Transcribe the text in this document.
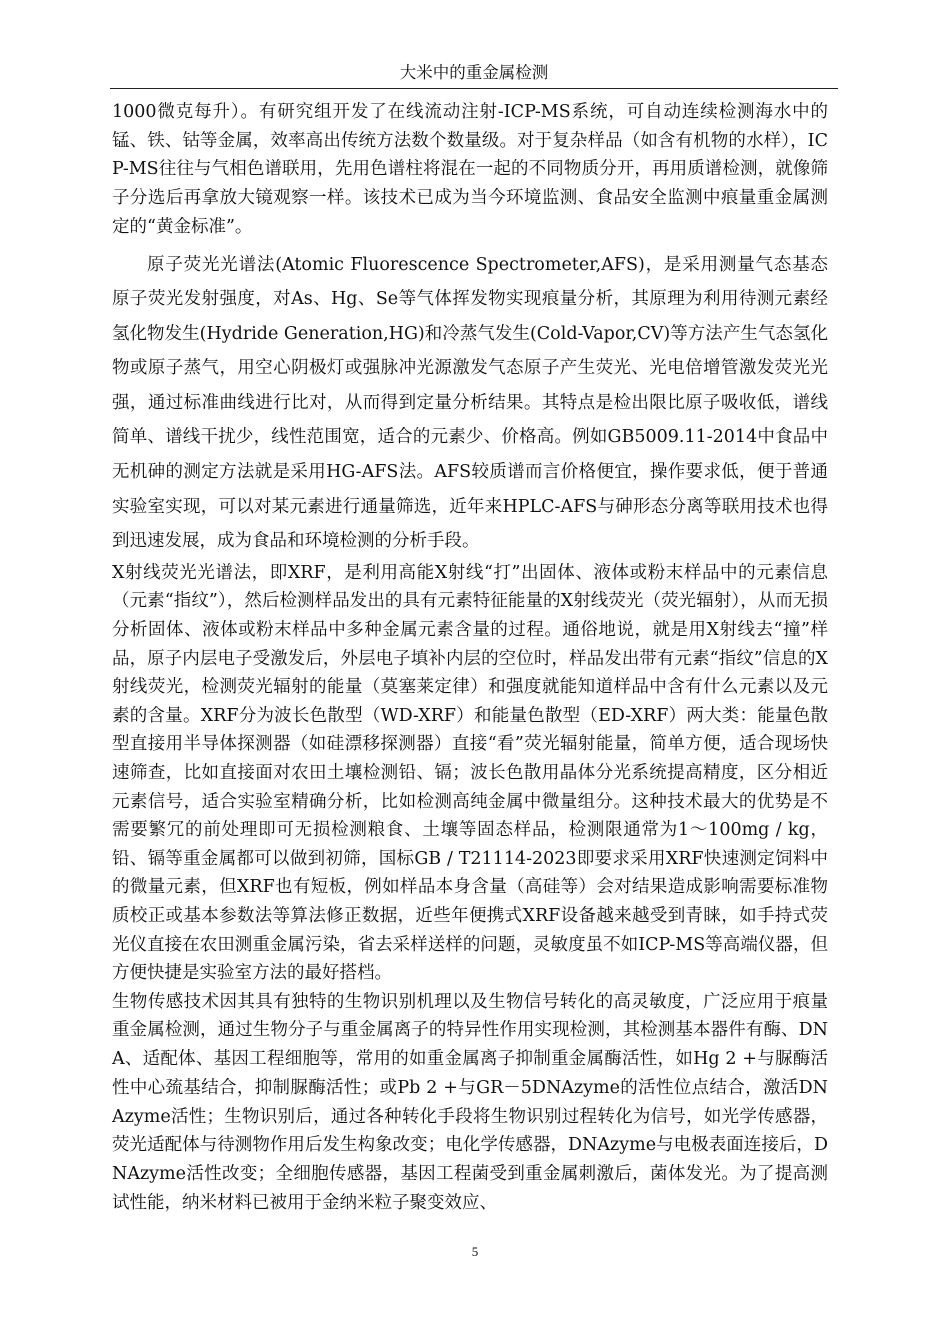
大米中的重金属检测

1000微克每升）。有研究组开发了在线流动注射-ICP-MS系统，可自动连续检测海水中的锰、铁、钴等金属，效率高出传统方法数个数量级。对于复杂样品（如含有机物的水样），ICP-MS往往与气相色谱联用，先用色谱柱将混在一起的不同物质分开，再用质谱检测，就像筛子分选后再拿放大镜观察一样。该技术已成为当今环境监测、食品安全监测中痕量重金属测定的“黄金标准”。

原子荧光光谱法(Atomic Fluorescence Spectrometer,AFS)，是采用测量气态基态原子荧光发射强度，对As、Hg、Se等气体挥发物实现痕量分析，其原理为利用待测元素经氢化物发生(Hydride Generation,HG)和冷蒸气发生(Cold-Vapor,CV)等方法产生气态氢化物或原子蒸气，用空心阴极灯或强脉冲光源激发气态原子产生荧光、光电倍增管激发荧光光强，通过标准曲线进行比对，从而得到定量分析结果。其特点是检出限比原子吸收低，谱线简单、谱线干扰少，线性范围宽，适合的元素少、价格高。例如GB5009.11-2014中食品中无机砷的测定方法就是采用HG-AFS法。AFS较质谱而言价格便宜，操作要求低，便于普通实验室实现，可以对某元素进行通量筛选，近年来HPLC-AFS与砷形态分离等联用技术也得到迅速发展，成为食品和环境检测的分析手段。

X射线荧光光谱法，即XRF，是利用高能X射线“打”出固体、液体或粉末样品中的元素信息（元素“指纹”），然后检测样品发出的具有元素特征能量的X射线荧光（荧光辐射），从而无损分析固体、液体或粉末样品中多种金属元素含量的过程。通俗地说，就是用X射线去“撞”样品，原子内层电子受激发后，外层电子填补内层的空位时，样品发出带有元素“指纹”信息的X射线荧光，检测荧光辐射的能量（莫塞莱定律）和强度就能知道样品中含有什么元素以及元素的含量。XRF分为波长色散型（WD-XRF）和能量色散型（ED-XRF）两大类：能量色散型直接用半导体探测器（如硅漂移探测器）直接“看”荧光辐射能量，简单方便，适合现场快速筛查，比如直接面对农田土壤检测铅、镉；波长色散用晶体分光系统提高精度，区分相近元素信号，适合实验室精确分析，比如检测高纯金属中微量组分。这种技术最大的优势是不需要繁冗的前处理即可无损检测粮食、土壤等固态样品，检测限通常为1～100mg / kg，铅、镉等重金属都可以做到初筛，国标GB / T21114-2023即要求采用XRF快速测定饲料中的微量元素，但XRF也有短板，例如样品本身含量（高硅等）会对结果造成影响需要标准物质校正或基本参数法等算法修正数据，近些年便携式XRF设备越来越受到青睐，如手持式荧光仪直接在农田测重金属污染，省去采样送样的问题，灵敏度虽不如ICP-MS等高端仪器，但方便快捷是实验室方法的最好搭档。

生物传感技术因其具有独特的生物识别机理以及生物信号转化的高灵敏度，广泛应用于痕量重金属检测，通过生物分子与重金属离子的特异性作用实现检测，其检测基本器件有酶、DNA、适配体、基因工程细胞等，常用的如重金属离子抑制重金属酶活性，如Hg 2 +与脲酶活性中心巯基结合，抑制脲酶活性；或Pb 2 +与GR－5DNAzyme的活性位点结合，激活DNAzyme活性；生物识别后，通过各种转化手段将生物识别过程转化为信号，如光学传感器，荧光适配体与待测物作用后发生构象改变；电化学传感器，DNAzyme与电极表面连接后，DNAzyme活性改变；全细胞传感器，基因工程菌受到重金属刺激后，菌体发光。为了提高测试性能，纳米材料已被用于金纳米粒子聚变效应、

5
